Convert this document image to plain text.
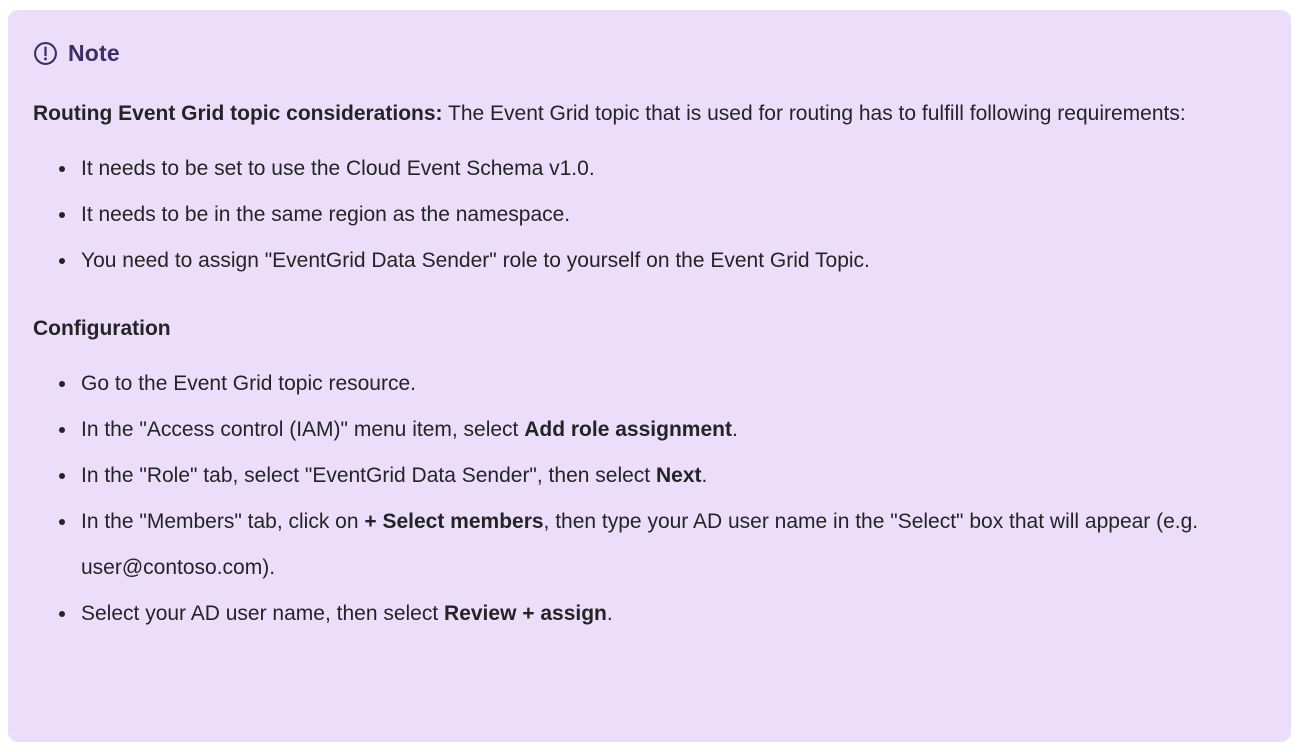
Note

Routing Event Grid topic considerations: The Event Grid topic that is used for routing has to fulfill following requirements:

• It needs to be set to use the Cloud Event Schema v1.0.
• It needs to be in the same region as the namespace.
• You need to assign "EventGrid Data Sender" role to yourself on the Event Grid Topic.

Configuration

• Go to the Event Grid topic resource.
• In the "Access control (IAM)" menu item, select Add role assignment.
• In the "Role" tab, select "EventGrid Data Sender", then select Next.
• In the "Members" tab, click on + Select members, then type your AD user name in the "Select" box that will appear (e.g. user@contoso.com).
• Select your AD user name, then select Review + assign.
